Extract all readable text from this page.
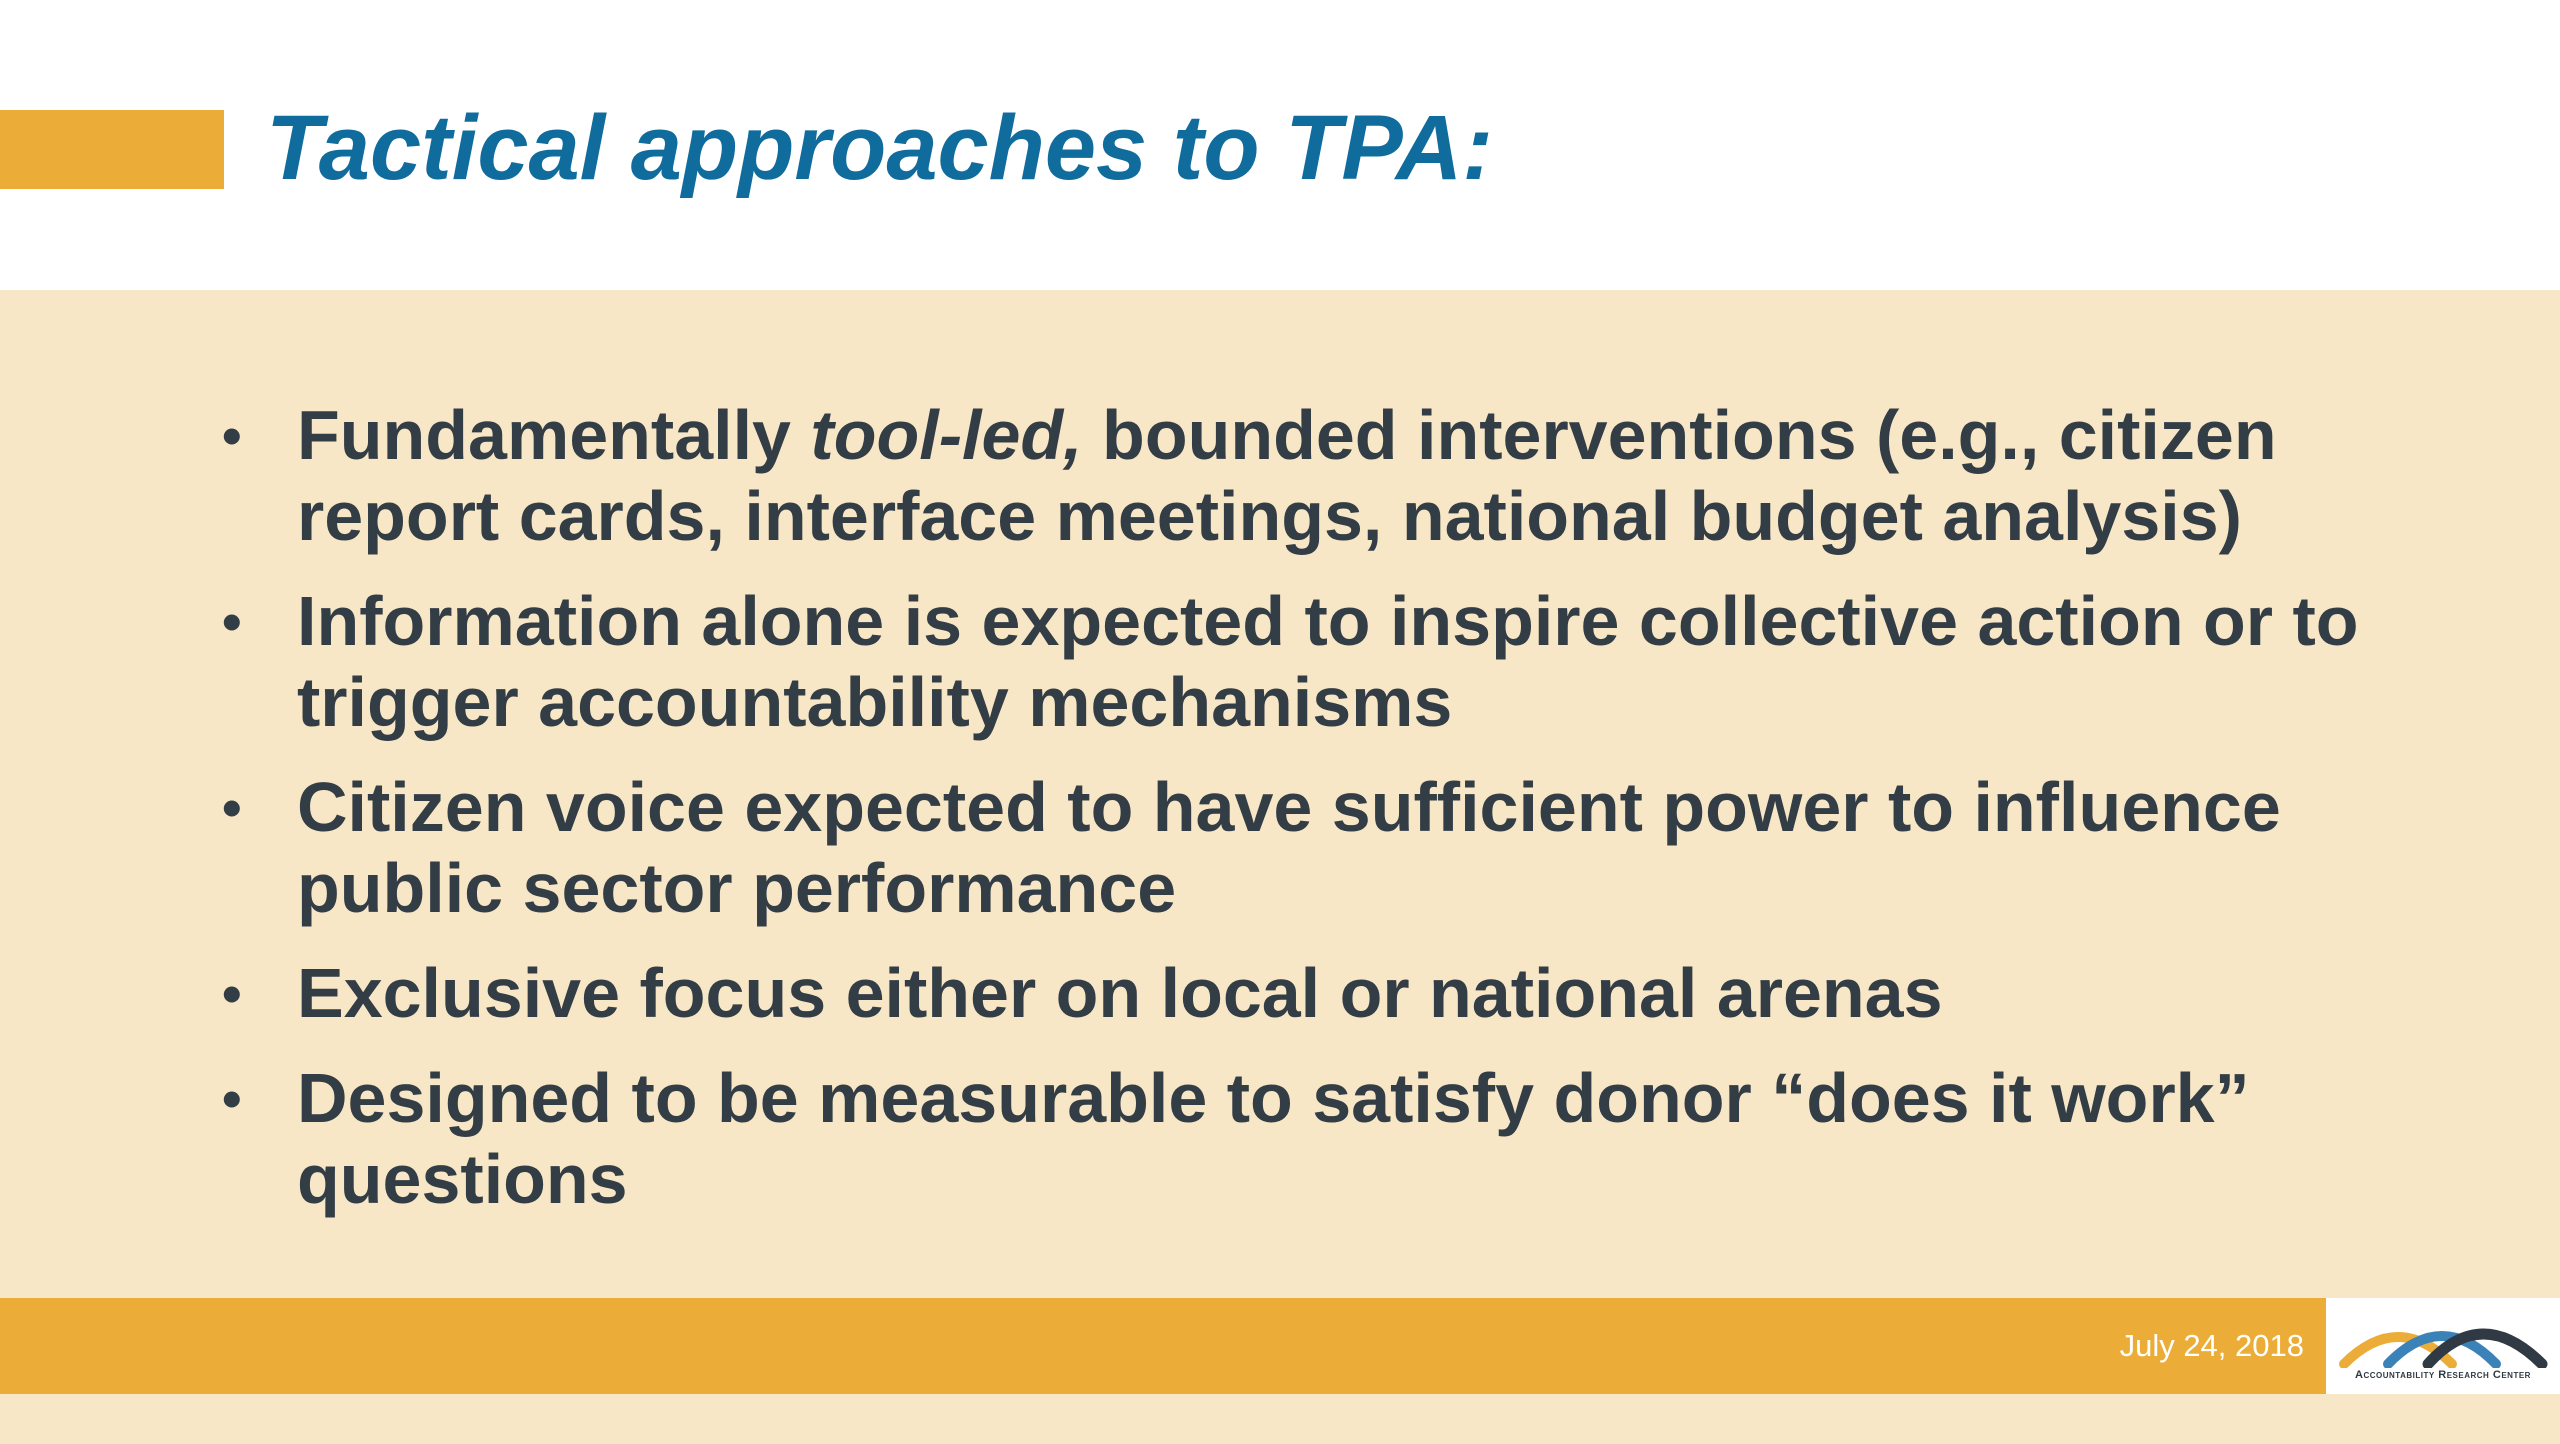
Tactical approaches to TPA:
• Fundamentally tool-led, bounded interventions (e.g., citizen
report cards, interface meetings, national budget analysis)
• Information alone is expected to inspire collective action or to
trigger accountability mechanisms
• Citizen voice expected to have sufficient power to influence
public sector performance
• Exclusive focus either on local or national arenas
• Designed to be measurable to satisfy donor “does it work”
questions
July 24, 2018
Accountability Research Center
